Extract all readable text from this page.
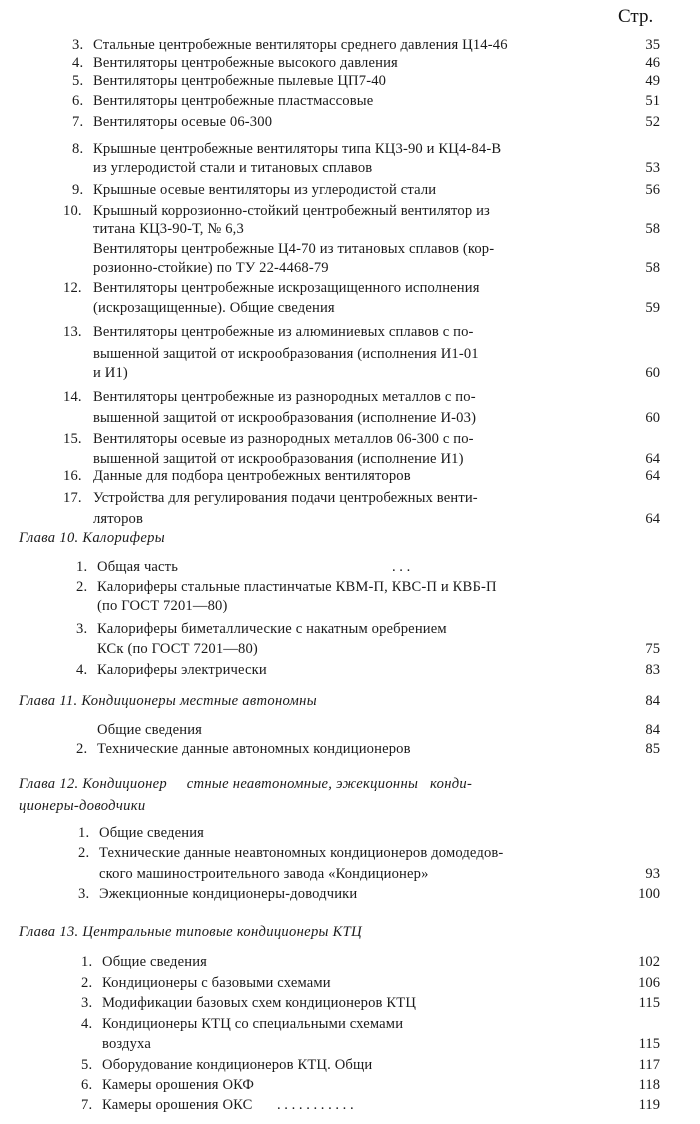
Стр.
3. Стальные центробежные вентиляторы среднего давления Ц14-46	35
4. Вентиляторы центробежные высокого давления	46
5. Вентиляторы центробежные пылевые ЦП7-40	49
6. Вентиляторы центробежные пластмассовые	51
7. Вентиляторы осевые 06-300	52
8. Крышные центробежные вентиляторы типа КЦ3-90 и КЦ4-84-В
из углеродистой стали и титановых сплавов	53
9. Крышные осевые вентиляторы из углеродистой стали	56
10. Крышный коррозионно-стойкий центробежный вентилятор из
титана КЦ3-90-Т, № 6,3	58
Вентиляторы центробежные Ц4-70 из титановых сплавов (кор-
розионно-стойкие) по ТУ 22-4468-79	58
12. Вентиляторы центробежные искрозащищенного исполнения
(искрозащищенные). Общие сведения	59
13. Вентиляторы центробежные из алюминиевых сплавов с по-
вышенной защитой от искрообразования (исполнения И1-01
и И1)	60
14. Вентиляторы центробежные из разнородных металлов с по-
вышенной защитой от искрообразования (исполнение И-03)	60
15. Вентиляторы осевые из разнородных металлов 06-300 с по-
вышенной защитой от искрообразования (исполнение И1)	64
16. Данные для подбора центробежных вентиляторов	64
17. Устройства для регулирования подачи центробежных венти-
ляторов	64
Глава 10. Калориферы
1. Общая часть	. . .
2. Калориферы стальные пластинчатые КВМ-П, КВС-П и КВБ-П
(по ГОСТ 7201—80)
3. Калориферы биметаллические с накатным оребрением
КСк (по ГОСТ 7201—80)	75
4. Калориферы электрически	83
Глава 11. Кондиционеры местные автономны	84
Общие сведения	84
2. Технические данные автономных кондиционеров	85
Глава 12. Кондиционер     стные неавтономные, эжекционны   конди-
ционеры-доводчики
1. Общие сведения
2. Технические данные неавтономных кондиционеров домодедов-
ского машиностроительного завода «Кондиционер»	93
3. Эжекционные кондиционеры-доводчики	100
Глава 13. Центральные типовые кондиционеры КТЦ
1. Общие сведения	102
2. Кондиционеры с базовыми схемами	106
3. Модификации базовых схем кондиционеров КТЦ	115
4. Кондиционеры КТЦ со специальными схемами
воздуха	115
5. Оборудование кондиционеров КТЦ. Общи	117
6. Камеры орошения ОКФ	118
7. Камеры орошения ОКС . . . . . . . . . . .	119
